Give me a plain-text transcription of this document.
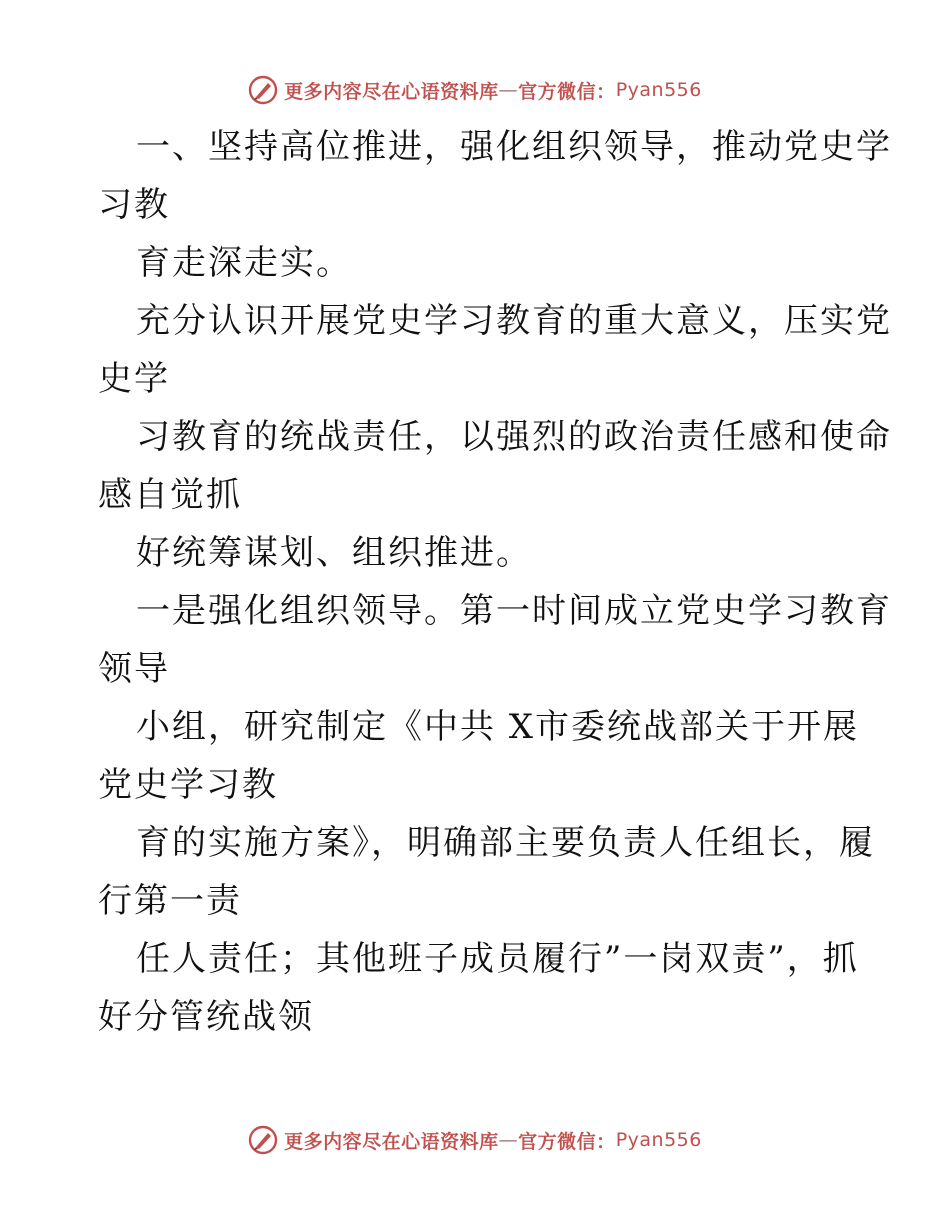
更多内容尽在心语资料库 — 官方微信： Pyan556
一、坚持高位推进，强化组织领导，推动党史学
习教
育走深走实。
充分认识开展党史学习教育的重大意义，压实党
史学
习教育的统战责任，以强烈的政治责任感和使命
感自觉抓
好统筹谋划、组织推进。
一是强化组织领导。第一时间成立党史学习教育
领导
小组，研究制定《中共 X市委统战部关于开展
党史学习教
育的实施方案》，明确部主要负责人任组长，履
行第一责
任人责任；其他班子成员履行”一岗双责”，抓
好分管统战领
更多内容尽在心语资料库 — 官方微信： Pyan556
